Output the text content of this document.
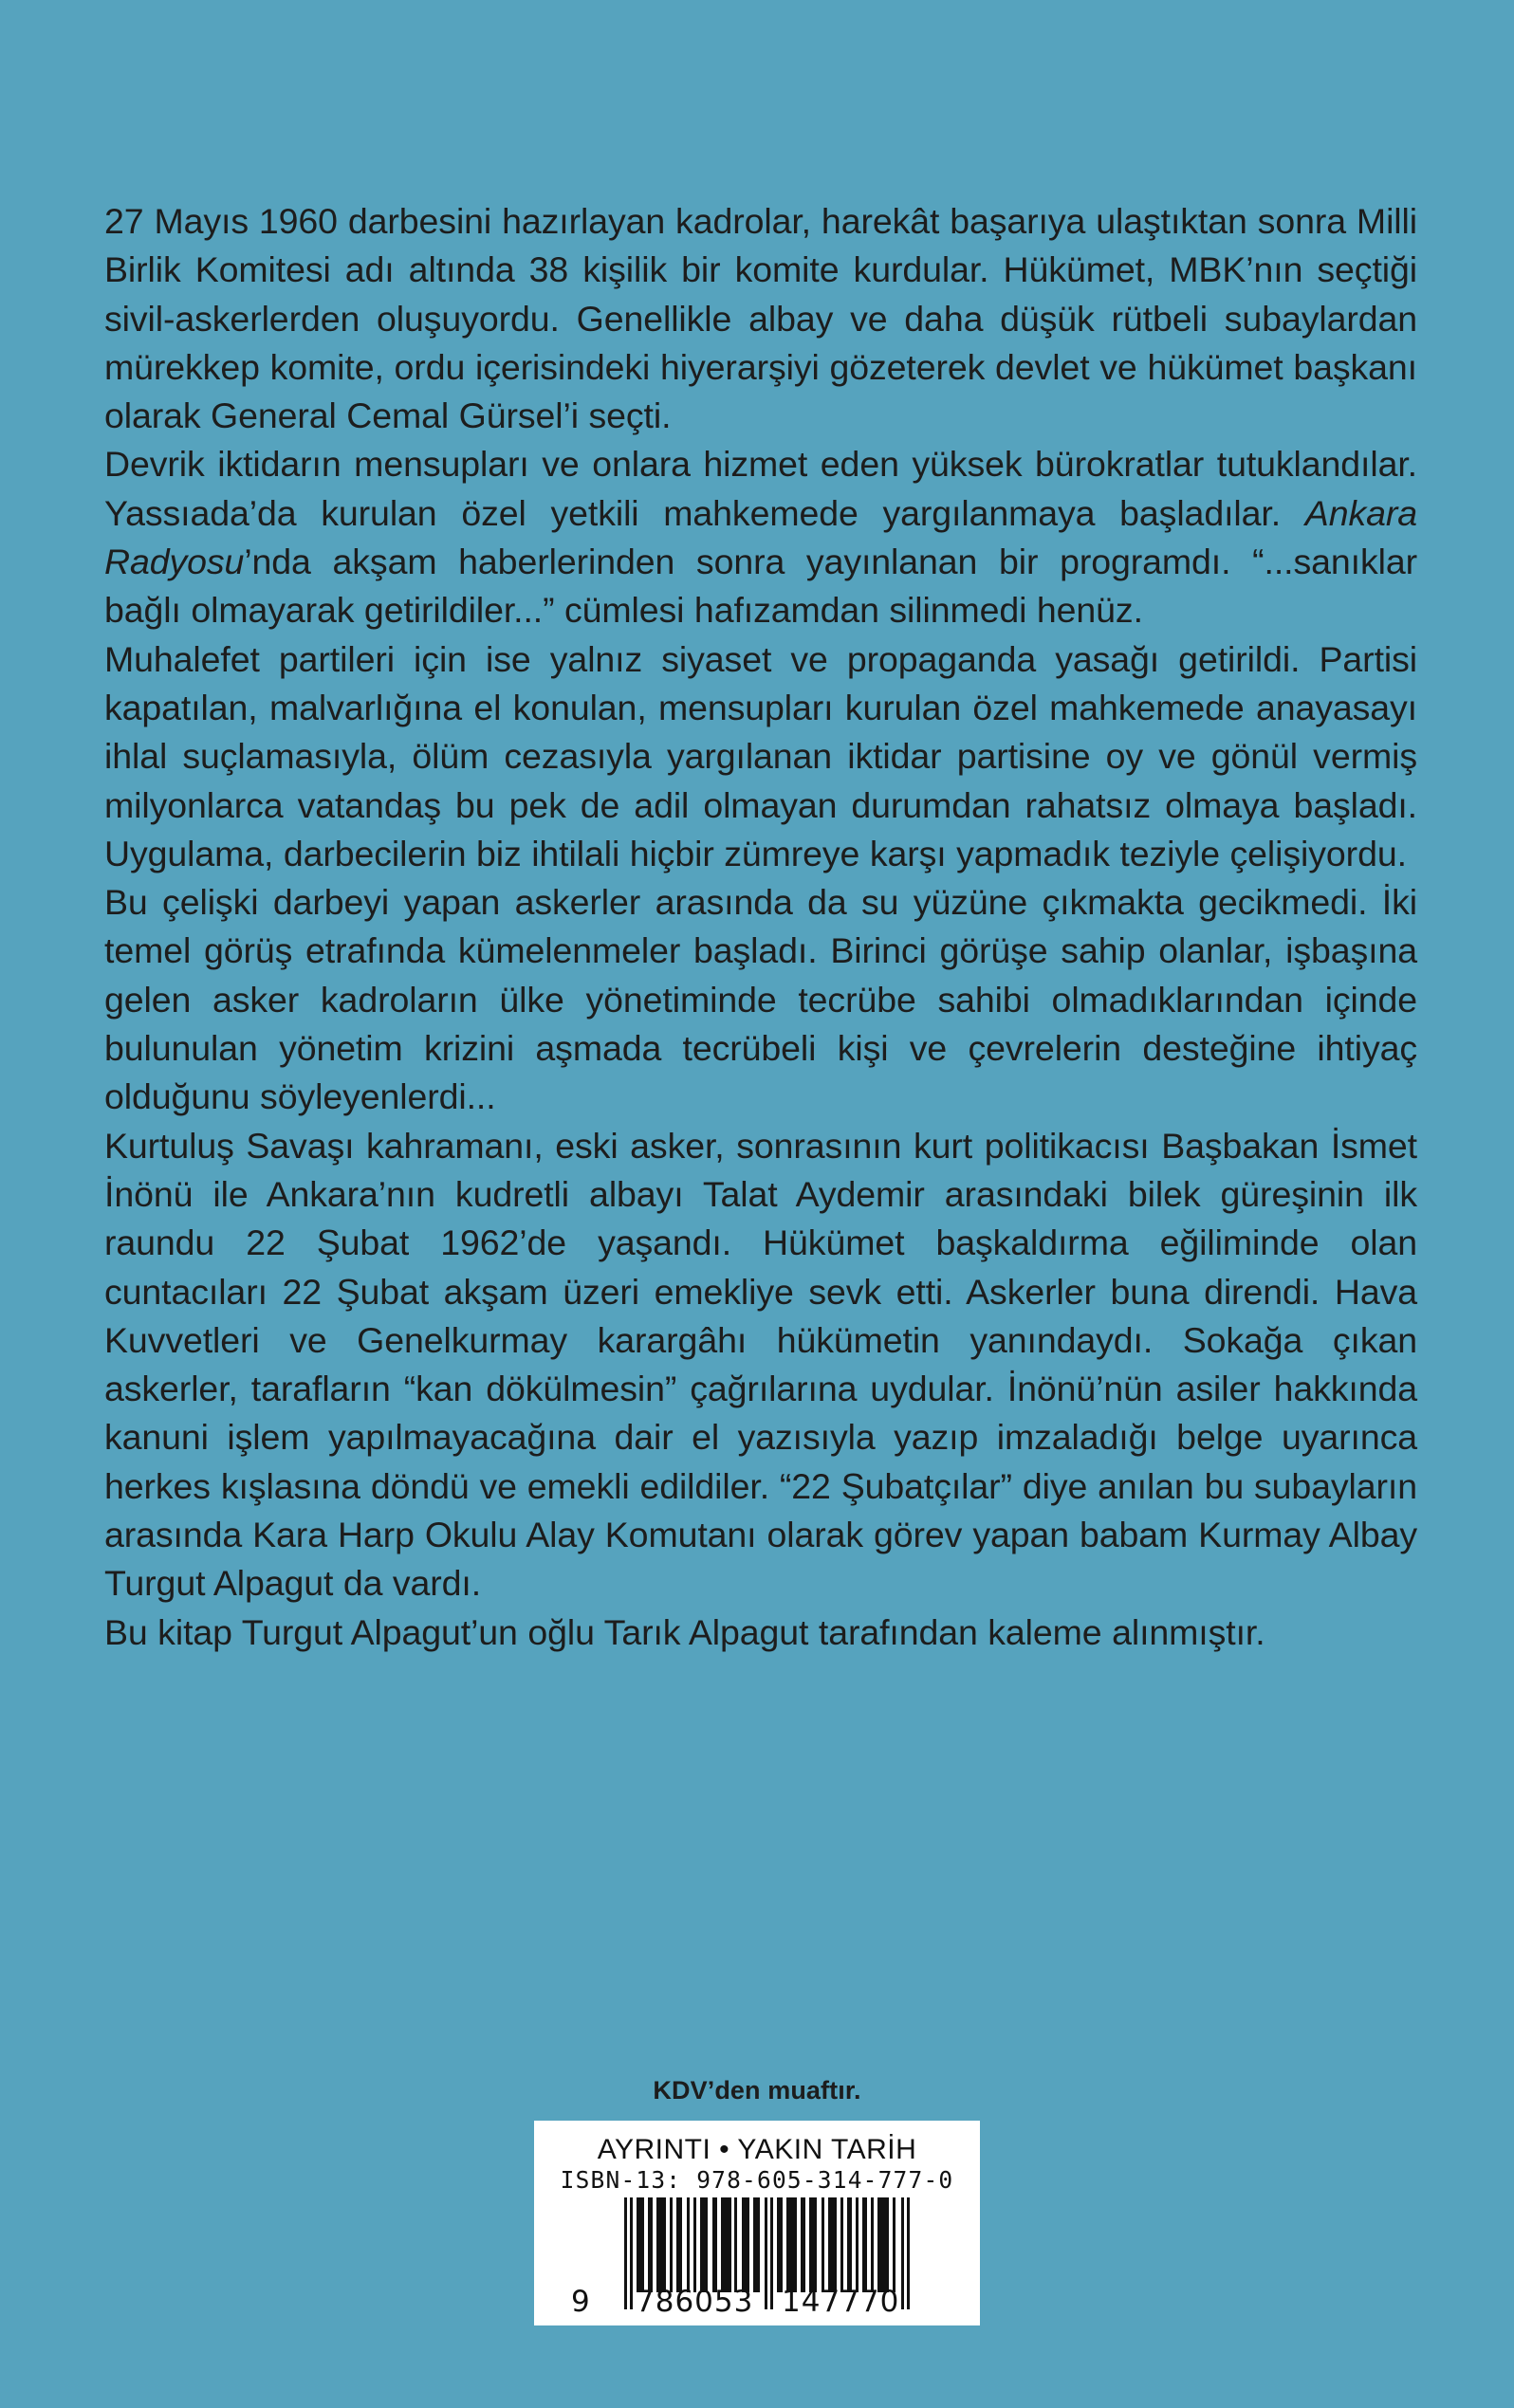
27 Mayıs 1960 darbesini hazırlayan kadrolar, harekât başarıya ulaştıktan sonra Milli Birlik Komitesi adı altında 38 kişilik bir komite kurdular. Hükümet, MBK’nın seçtiği sivil-askerlerden oluşuyordu. Genellikle albay ve daha düşük rütbeli subaylardan mürekkep komite, ordu içerisindeki hiyerarşiyi gözeterek devlet ve hükümet başkanı olarak General Cemal Gürsel’i seçti.

Devrik iktidarın mensupları ve onlara hizmet eden yüksek bürokratlar tutuklandılar. Yassıada’da kurulan özel yetkili mahkemede yargılanmaya başladılar. Ankara Radyosu’nda akşam haberlerinden sonra yayınlanan bir programdı. “...sanıklar bağlı olmayarak getirildiler...” cümlesi hafızamdan silinmedi henüz.

Muhalefet partileri için ise yalnız siyaset ve propaganda yasağı getirildi. Partisi kapatılan, malvarlığına el konulan, mensupları kurulan özel mahkemede anayasayı ihlal suçlamasıyla, ölüm cezasıyla yargılanan iktidar partisine oy ve gönül vermiş milyonlarca vatandaş bu pek de adil olmayan durumdan rahatsız olmaya başladı. Uygulama, darbecilerin biz ihtilali hiçbir zümreye karşı yapmadık teziyle çelişiyordu.

Bu çelişki darbeyi yapan askerler arasında da su yüzüne çıkmakta gecikmedi. İki temel görüş etrafında kümelenmeler başladı. Birinci görüşe sahip olanlar, işbaşına gelen asker kadroların ülke yönetiminde tecrübe sahibi olmadıklarından içinde bulunulan yönetim krizini aşmada tecrübeli kişi ve çevrelerin desteğine ihtiyaç olduğunu söyleyenlerdi...

Kurtuluş Savaşı kahramanı, eski asker, sonrasının kurt politikacısı Başbakan İsmet İnönü ile Ankara’nın kudretli albayı Talat Aydemir arasındaki bilek güreşinin ilk raundu 22 Şubat 1962’de yaşandı. Hükümet başkaldırma eğiliminde olan cuntacıları 22 Şubat akşam üzeri emekliye sevk etti. Askerler buna direndi. Hava Kuvvetleri ve Genelkurmay karargâhı hükümetin yanındaydı. Sokağa çıkan askerler, tarafların “kan dökülmesin” çağrılarına uydular. İnönü’nün asiler hakkında kanuni işlem yapılmayacağına dair el yazısıyla yazıp imzaladığı belge uyarınca herkes kışlasına döndü ve emekli edildiler. “22 Şubatçılar” diye anılan bu subayların arasında Kara Harp Okulu Alay Komutanı olarak görev yapan babam Kurmay Albay Turgut Alpagut da vardı.

Bu kitap Turgut Alpagut’un oğlu Tarık Alpagut tarafından kaleme alınmıştır.

KDV’den muaftır.
AYRINTI • YAKIN TARİH
ISBN-13: 978-605-314-777-0
9 786053 147770
